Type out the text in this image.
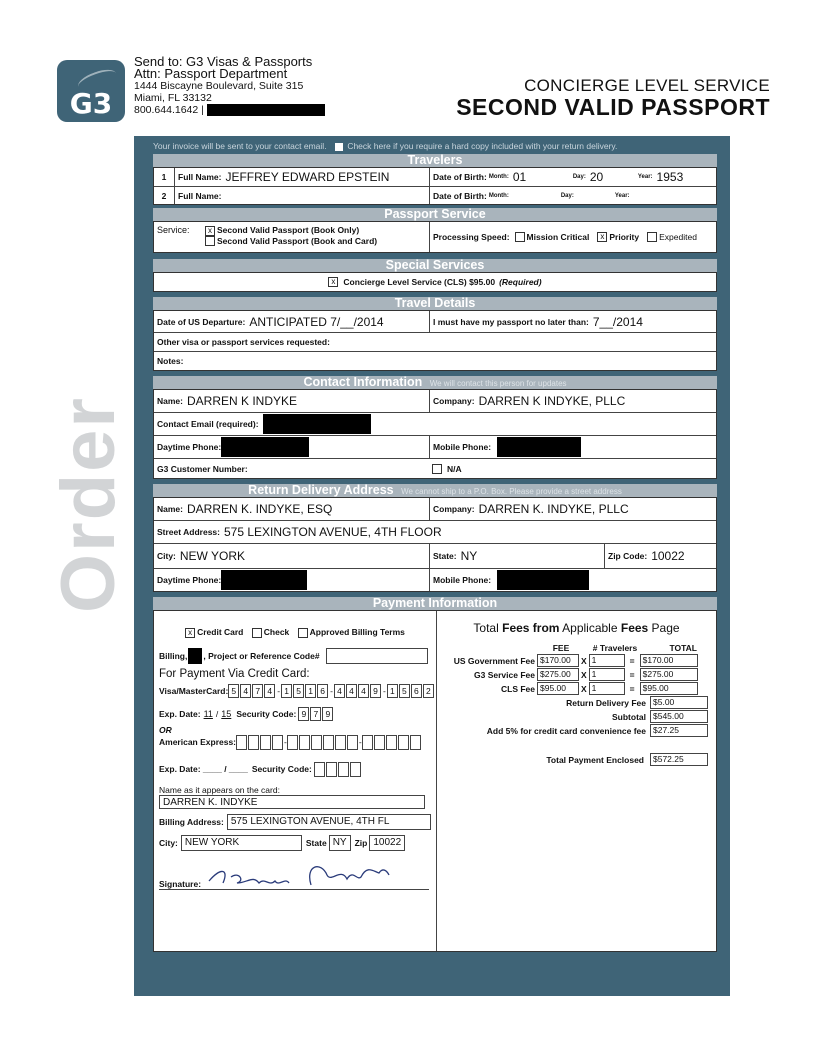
G3
Send to: G3 Visas & Passports
Attn: Passport Department
1444 Biscayne Boulevard, Suite 315
Miami, FL 33132
800.644.1642 |
CONCIERGE LEVEL SERVICE
SECOND VALID PASSPORT
Order
Your invoice will be sent to your contact email. Check here if you require a hard copy included with your return delivery.
Travelers
1	Full Name: JEFFREY EDWARD EPSTEIN	Date of Birth: Month: 01	Day: 20	Year: 1953
2	Full Name:	Date of Birth: Month:	Day:	Year:
Passport Service
Service:	x Second Valid Passport (Book Only)
Second Valid Passport (Book and Card)	Processing Speed: Mission Critical	x Priority Expedited
Special Services
x Concierge Level Service (CLS) $95.00 (Required)
Travel Details
Date of US Departure: ANTICIPATED 7/__/2014	I must have my passport no later than: 7__/2014
Other visa or passport services requested:
Notes:
Contact Information We will contact this person for updates
Name: DARREN K INDYKE	Company: DARREN K INDYKE, PLLC
Contact Email (required):
Daytime Phone:	Mobile Phone:
G3 Customer Number:	N/A
Return Delivery Address We cannot ship to a P.O. Box. Please provide a street address
Name: DARREN K. INDYKE, ESQ	Company: DARREN K. INDYKE, PLLC
Street Address: 575 LEXINGTON AVENUE, 4TH FLOOR
City: NEW YORK	State: NY	Zip Code: 10022
Daytime Phone:	Mobile Phone:
Payment Information
x Credit Card Check Approved Billing Terms
Billing, , Project or Reference Code#
For Payment Via Credit Card:
Visa/MasterCard: 5 4 7 4 - 1 5 1 6 - 4 4 4 9 - 1 5 6 2
Exp. Date: 11 / 15 Security Code: 9 7 9
OR
American Express:	-	-
Exp. Date: ____ / ____ Security Code:
Name as it appears on the card:
DARREN K. INDYKE
Billing Address: 575 LEXINGTON AVENUE, 4TH FL
City: NEW YORK	State NY Zip 10022
Signature:
Total Fees from Applicable Fees Page
FEE	# Travelers	TOTAL
US Government Fee $170.00	X 1	= $170.00
G3 Service Fee $275.00	X 1	= $275.00
CLS Fee $95.00	X 1	= $95.00
Return Delivery Fee $5.00
Subtotal $545.00
Add 5% for credit card convenience fee $27.25
Total Payment Enclosed	$572.25
